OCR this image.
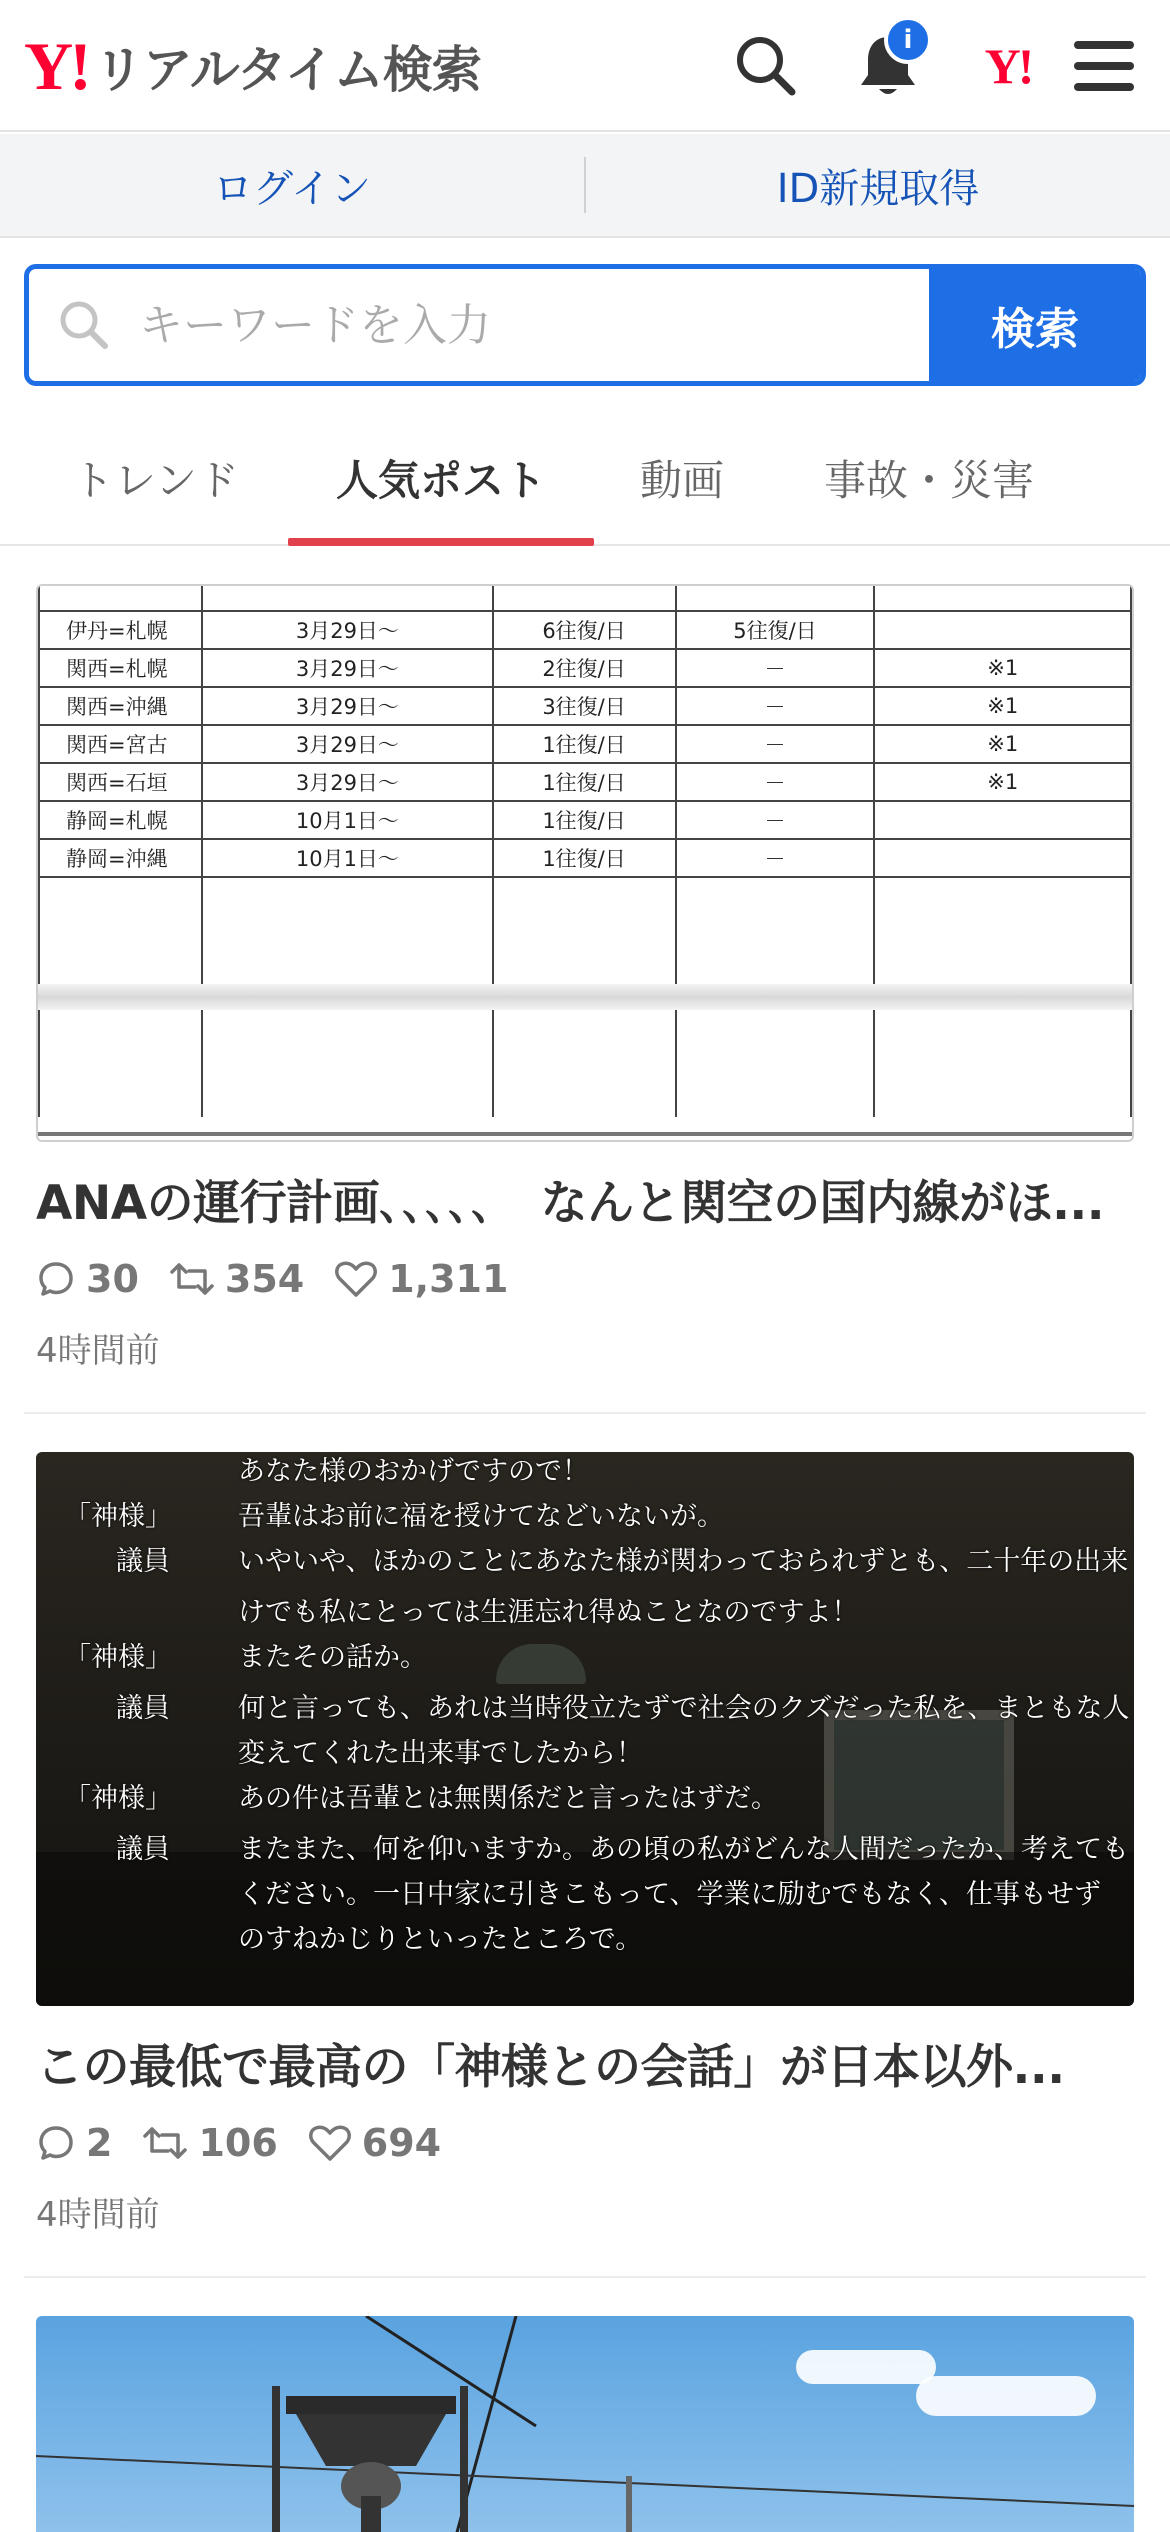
Y! リアルタイム検索
i	Y!
ログイン	ID新規取得
キーワードを入力
検索
トレンド 人気ポスト 動画 事故・災害

伊丹=札幌	3月29日～	6往復/日	5往復/日	
関西=札幌	3月29日～	2往復/日	－	※1
関西=沖縄	3月29日～	3往復/日	－	※1
関西=宮古	3月29日～	1往復/日	－	※1
関西=石垣	3月29日～	1往復/日	－	※1
静岡=札幌	10月1日～	1往復/日	－	
静岡=沖縄	10月1日～	1往復/日	－	

ANAの運行計画､､､､､　なんと関空の国内線がほ...
30 354 1,311
4時間前
あなた様のおかげですので！
「神様」	吾輩はお前に福を授けてなどいないが。
議員	いやいや、ほかのことにあなた様が関わっておられずとも、二十年の出来
けでも私にとっては生涯忘れ得ぬことなのですよ！
「神様」	またその話か。
議員	何と言っても、あれは当時役立たずで社会のクズだった私を、まともな人
変えてくれた出来事でしたから！
「神様」	あの件は吾輩とは無関係だと言ったはずだ。
議員	またまた、何を仰いますか。あの頃の私がどんな人間だったか、考えても
ください。一日中家に引きこもって、学業に励むでもなく、仕事もせず
のすねかじりといったところで。
この最低で最高の「神様との会話」が日本以外...
2 106 694
4時間前
